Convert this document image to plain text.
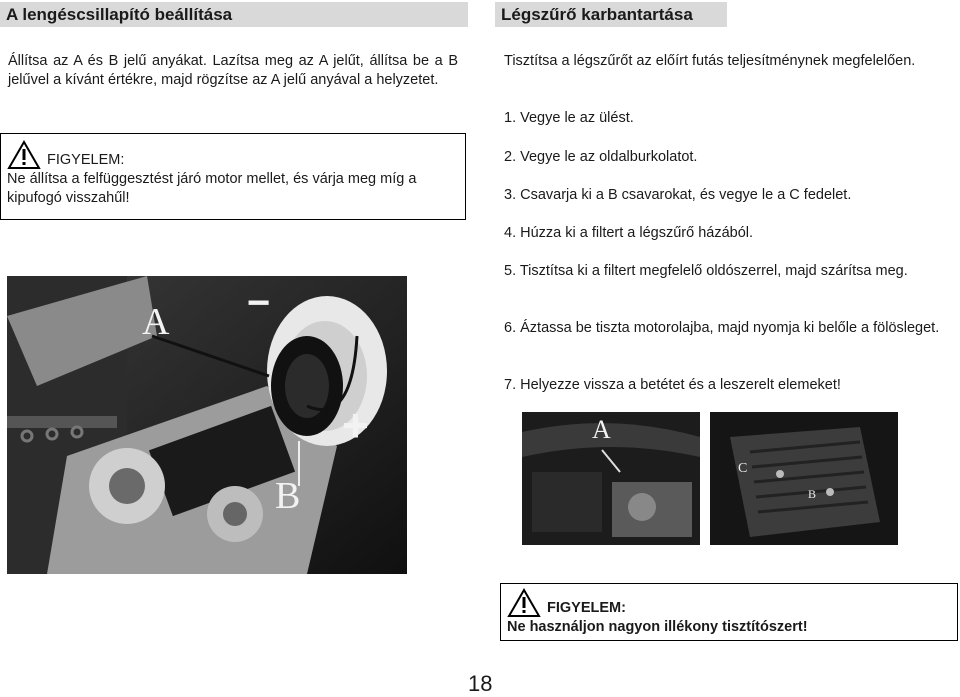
A lengéscsillapító beállítása
Állítsa az A és B jelű anyákat. Lazítsa meg az A jelűt, állítsa be a B jelűvel a kívánt értékre, majd rögzítse az A jelű anyával a helyzetet.
FIGYELEM:
Ne állítsa a felfüggesztést járó motor mellet, és várja meg míg a kipufogó visszahűl!
A
B
−
+
Légszűrő karbantartása
Tisztítsa a légszűrőt az előírt futás teljesítménynek megfelelően.
1. Vegye le az ülést.
2. Vegye le az oldalburkolatot.
3. Csavarja ki a B csavarokat, és vegye le a C fedelet.
4. Húzza ki a filtert a légszűrő házából.
5. Tisztítsa ki a filtert megfelelő oldószerrel, majd szárítsa meg.
6. Áztassa be tiszta motorolajba, majd nyomja ki belőle a fölösleget.
7. Helyezze vissza a betétet és a leszerelt elemeket!
A
C
B
FIGYELEM:
Ne használjon nagyon illékony tisztítószert!
18
